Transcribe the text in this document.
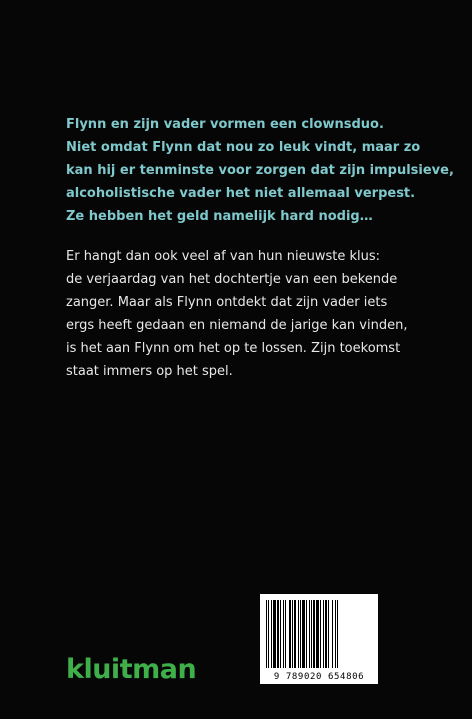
Flynn en zijn vader vormen een clownsduo.
Niet omdat Flynn dat nou zo leuk vindt, maar zo
kan hij er tenminste voor zorgen dat zijn impulsieve,
alcoholistische vader het niet allemaal verpest.
Ze hebben het geld namelijk hard nodig…

Er hangt dan ook veel af van hun nieuwste klus:
de verjaardag van het dochtertje van een bekende
zanger. Maar als Flynn ontdekt dat zijn vader iets
ergs heeft gedaan en niemand de jarige kan vinden,
is het aan Flynn om het op te lossen. Zijn toekomst
staat immers op het spel.

kluitman	9 789020 654806
